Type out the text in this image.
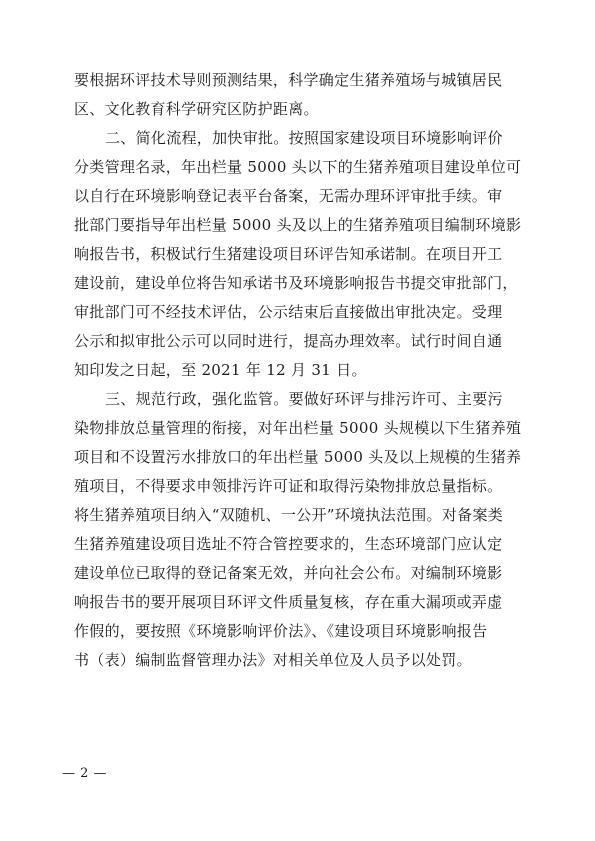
要根据环评技术导则预测结果，科学确定生猪养殖场与城镇居民
区、文化教育科学研究区防护距离。
二、简化流程，加快审批。按照国家建设项目环境影响评价
分类管理名录，年出栏量 5000 头以下的生猪养殖项目建设单位可
以自行在环境影响登记表平台备案，无需办理环评审批手续。审
批部门要指导年出栏量 5000 头及以上的生猪养殖项目编制环境影
响报告书，积极试行生猪建设项目环评告知承诺制。在项目开工
建设前，建设单位将告知承诺书及环境影响报告书提交审批部门，
审批部门可不经技术评估，公示结束后直接做出审批决定。受理
公示和拟审批公示可以同时进行，提高办理效率。试行时间自通
知印发之日起，至 2021 年 12 月 31 日。
三、规范行政，强化监管。要做好环评与排污许可、主要污
染物排放总量管理的衔接，对年出栏量 5000 头规模以下生猪养殖
项目和不设置污水排放口的年出栏量 5000 头及以上规模的生猪养
殖项目，不得要求申领排污许可证和取得污染物排放总量指标。
将生猪养殖项目纳入“双随机、一公开”环境执法范围。对备案类
生猪养殖建设项目选址不符合管控要求的，生态环境部门应认定
建设单位已取得的登记备案无效，并向社会公布。对编制环境影
响报告书的要开展项目环评文件质量复核，存在重大漏项或弄虚
作假的，要按照《环境影响评价法》、《建设项目环境影响报告
书（表）编制监督管理办法》对相关单位及人员予以处罚。
— 2 —
